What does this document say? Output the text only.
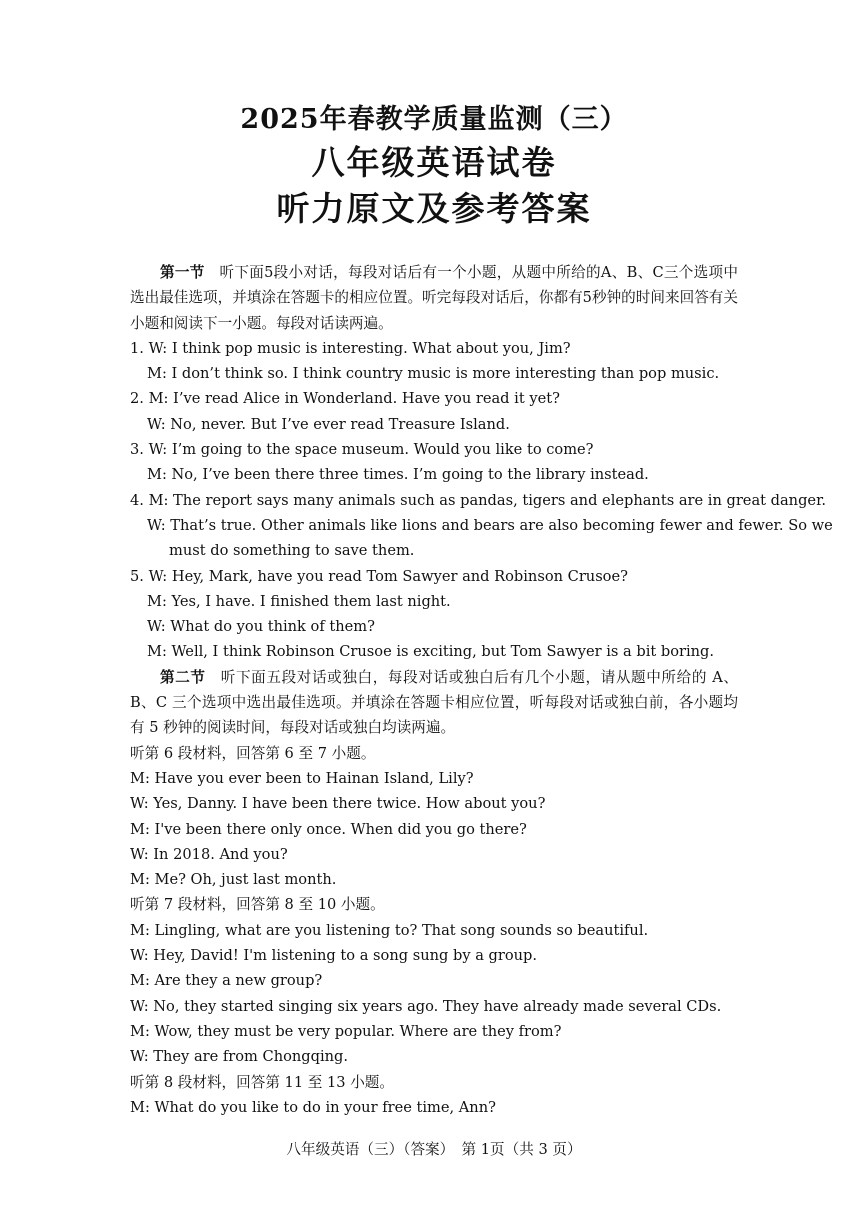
2025年春教学质量监测（三）
八年级英语试卷
听力原文及参考答案

第一节　 听下面5段小对话，每段对话后有一个小题，从题中所给的A、B、C三个选项中选出最佳选项，并填涂在答题卡的相应位置。听完每段对话后，你都有5秒钟的时间来回答有关小题和阅读下一小题。每段对话读两遍。

1. W: I think pop music is interesting. What about you, Jim?

M: I don’t think so. I think country music is more interesting than pop music.

2. M: I’ve read Alice in Wonderland. Have you read it yet?

W: No, never. But I’ve ever read Treasure Island.

3. W: I’m going to the space museum. Would you like to come?

M: No, I’ve been there three times. I’m going to the library instead.

4. M: The report says many animals such as pandas, tigers and elephants are in great danger.

W: That’s true. Other animals like lions and bears are also becoming fewer and fewer. So we

must do something to save them.

5. W: Hey, Mark, have you read Tom Sawyer and Robinson Crusoe?

M: Yes, I have. I finished them last night.

W: What do you think of them?

M: Well, I think Robinson Crusoe is exciting, but Tom Sawyer is a bit boring.

第二节　 听下面五段对话或独白，每段对话或独白后有几个小题，请从题中所给的 A、B、C 三个选项中选出最佳选项。并填涂在答题卡相应位置，听每段对话或独白前，各小题均有 5 秒钟的阅读时间，每段对话或独白均读两遍。

听第 6 段材料，回答第 6 至 7 小题。

M: Have you ever been to Hainan Island, Lily?

W: Yes, Danny. I have been there twice. How about you?

M: I've been there only once. When did you go there?

W: In 2018. And you?

M: Me? Oh, just last month.

听第 7 段材料，回答第 8 至 10 小题。

M: Lingling, what are you listening to? That song sounds so beautiful.

W: Hey, David! I'm listening to a song sung by a group.

M: Are they a new group?

W: No, they started singing six years ago. They have already made several CDs.

M: Wow, they must be very popular. Where are they from?

W: They are from Chongqing.

听第 8 段材料，回答第 11 至 13 小题。

M: What do you like to do in your free time, Ann?

八年级英语（三）（答案）　第 1页（共 3 页）
